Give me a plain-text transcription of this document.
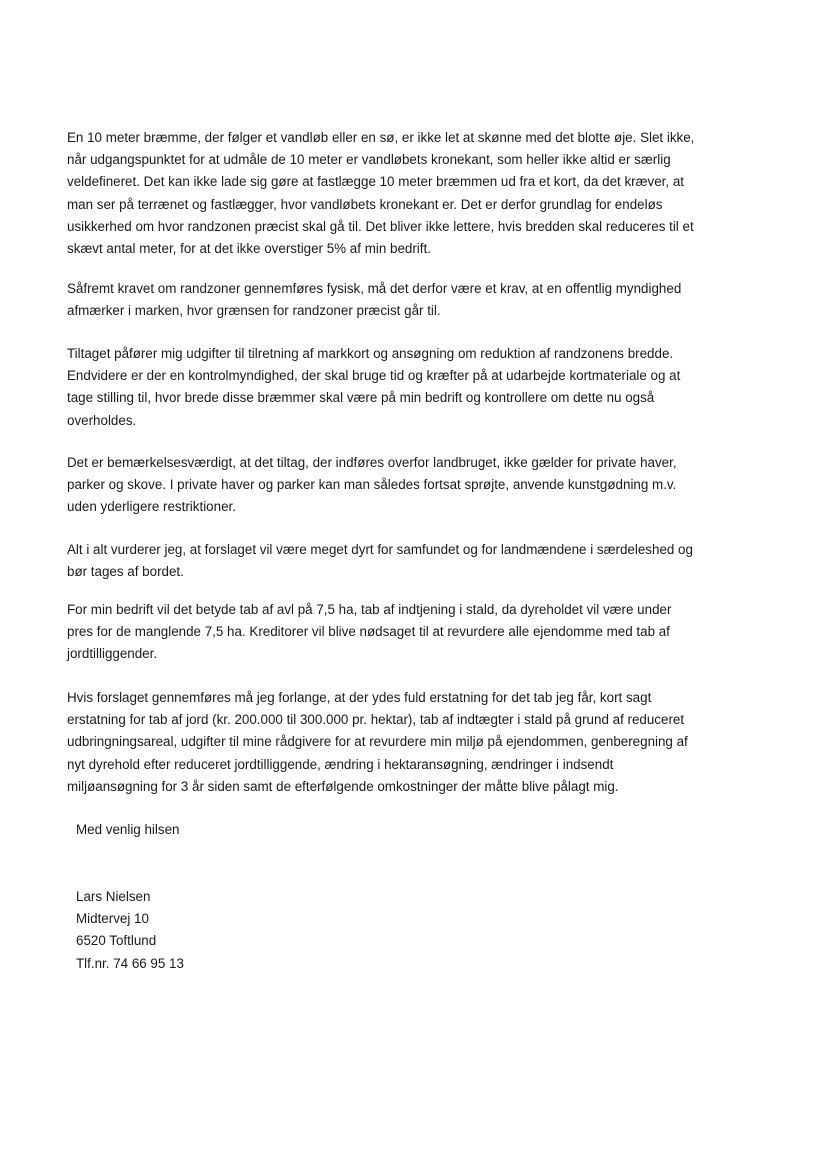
En 10 meter bræmme, der følger et vandløb eller en sø, er ikke let at skønne med det blotte øje. Slet ikke,
når udgangspunktet for at udmåle de 10 meter er vandløbets kronekant, som heller ikke altid er særlig
veldefineret. Det kan ikke lade sig gøre at fastlægge 10 meter bræmmen ud fra et kort, da det kræver, at
man ser på terrænet og fastlægger, hvor vandløbets kronekant er. Det er derfor grundlag for endeløs
usikkerhed om hvor randzonen præcist skal gå til. Det bliver ikke lettere, hvis bredden skal reduceres til et
skævt antal meter, for at det ikke overstiger 5% af min bedrift.
Såfremt kravet om randzoner gennemføres fysisk, må det derfor være et krav, at en offentlig myndighed
afmærker i marken, hvor grænsen for randzoner præcist går til.
Tiltaget påfører mig udgifter til tilretning af markkort og ansøgning om reduktion af randzonens bredde.
Endvidere er der en kontrolmyndighed, der skal bruge tid og kræfter på at udarbejde kortmateriale og at
tage stilling til, hvor brede disse bræmmer skal være på min bedrift og kontrollere om dette nu også
overholdes.
Det er bemærkelsesværdigt, at det tiltag, der indføres overfor landbruget, ikke gælder for private haver,
parker og skove. I private haver og parker kan man således fortsat sprøjte, anvende kunstgødning m.v.
uden yderligere restriktioner.
Alt i alt vurderer jeg, at forslaget vil være meget dyrt for samfundet og for landmændene i særdeleshed og
bør tages af bordet.
For min bedrift vil det betyde tab af avl på 7,5 ha, tab af indtjening i stald, da dyreholdet vil være under
pres for de manglende 7,5 ha. Kreditorer vil blive nødsaget til at revurdere alle ejendomme med tab af
jordtilliggender.
Hvis forslaget gennemføres må jeg forlange, at der ydes fuld erstatning for det tab jeg får, kort sagt
erstatning for tab af jord (kr. 200.000 til 300.000 pr. hektar), tab af indtægter i stald på grund af reduceret
udbringningsareal, udgifter til mine rådgivere for at revurdere min miljø på ejendommen, genberegning af
nyt dyrehold efter reduceret jordtilliggende, ændring i hektaransøgning, ændringer i indsendt
miljøansøgning for 3 år siden samt de efterfølgende omkostninger der måtte blive pålagt mig.
Med venlig hilsen
Lars Nielsen
Midtervej 10
6520 Toftlund
Tlf.nr. 74 66 95 13
